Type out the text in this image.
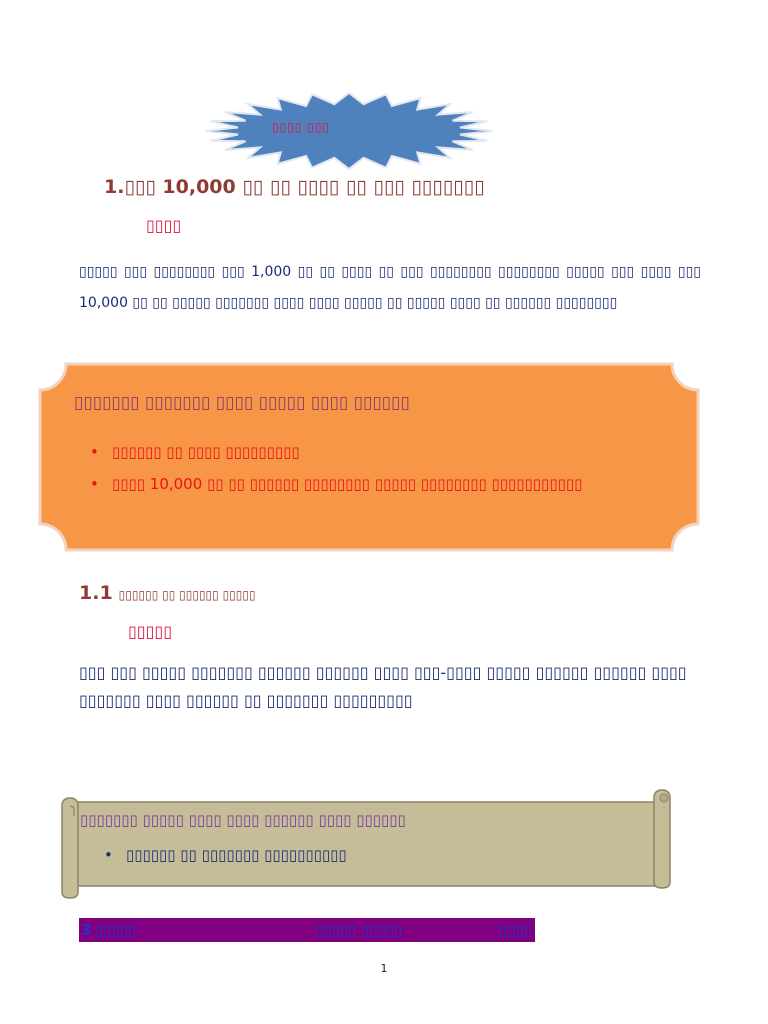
▯▯▯▯ ▯▯▯
1.▯▯▯ 10,000 ▯▯ ▯▯ ▯▯▯▯ ▯▯ ▯▯▯ ▯▯▯▯▯▯▯
▯▯▯▯

▯▯▯▯▯ ▯▯▯ ▯▯▯▯▯▯▯▯ ▯▯▯ 1,000 ▯▯ ▯▯ ▯▯▯▯ ▯▯ ▯▯▯ ▯▯▯▯▯▯▯▯ ▯▯▯▯▯▯▯▯ ▯▯▯▯▯ ▯▯▯ ▯▯▯▯ ▯▯▯ 10,000 ▯▯ ▯▯ ▯▯▯▯▯ ▯▯▯▯▯▯▯ ▯▯▯▯ ▯▯▯▯ ▯▯▯▯▯ ▯▯ ▯▯▯▯▯ ▯▯▯▯ ▯▯ ▯▯▯▯▯▯ ▯▯▯▯▯▯▯▯

▯▯▯▯▯▯▯ ▯▯▯▯▯▯▯ ▯▯▯▯ ▯▯▯▯▯ ▯▯▯▯ ▯▯▯▯▯▯
• ▯▯▯▯▯▯ ▯▯ ▯▯▯▯ ▯▯▯▯▯▯▯▯▯
• ▯▯▯▯ 10,000 ▯▯ ▯▯ ▯▯▯▯▯▯ ▯▯▯▯▯▯▯▯ ▯▯▯▯▯ ▯▯▯▯▯▯▯▯ ▯▯▯▯▯▯▯▯▯▯▯
1.1 ▯▯▯▯▯▯ ▯▯ ▯▯▯▯▯▯ ▯▯▯▯▯
▯▯▯▯▯

▯▯▯ ▯▯▯ ▯▯▯▯▯ ▯▯▯▯▯▯▯ ▯▯▯▯▯▯ ▯▯▯▯▯▯ ▯▯▯▯ ▯▯▯-▯▯▯▯ ▯▯▯▯▯ ▯▯▯▯▯▯ ▯▯▯▯▯▯ ▯▯▯▯ ▯▯▯▯▯▯▯ ▯▯▯▯ ▯▯▯▯▯▯ ▯▯ ▯▯▯▯▯▯▯ ▯▯▯▯▯▯▯▯▯

▯▯▯▯▯▯▯ ▯▯▯▯▯ ▯▯▯▯ ▯▯▯▯ ▯▯▯▯▯▯ ▯▯▯▯ ▯▯▯▯▯▯
• ▯▯▯▯▯▯ ▯▯ ▯▯▯▯▯▯▯ ▯▯▯▯▯▯▯▯▯▯
3 ▯▯▯▯▯	▯▯▯▯▯ ▯▯▯▯▯	▯▯▯▯
1
